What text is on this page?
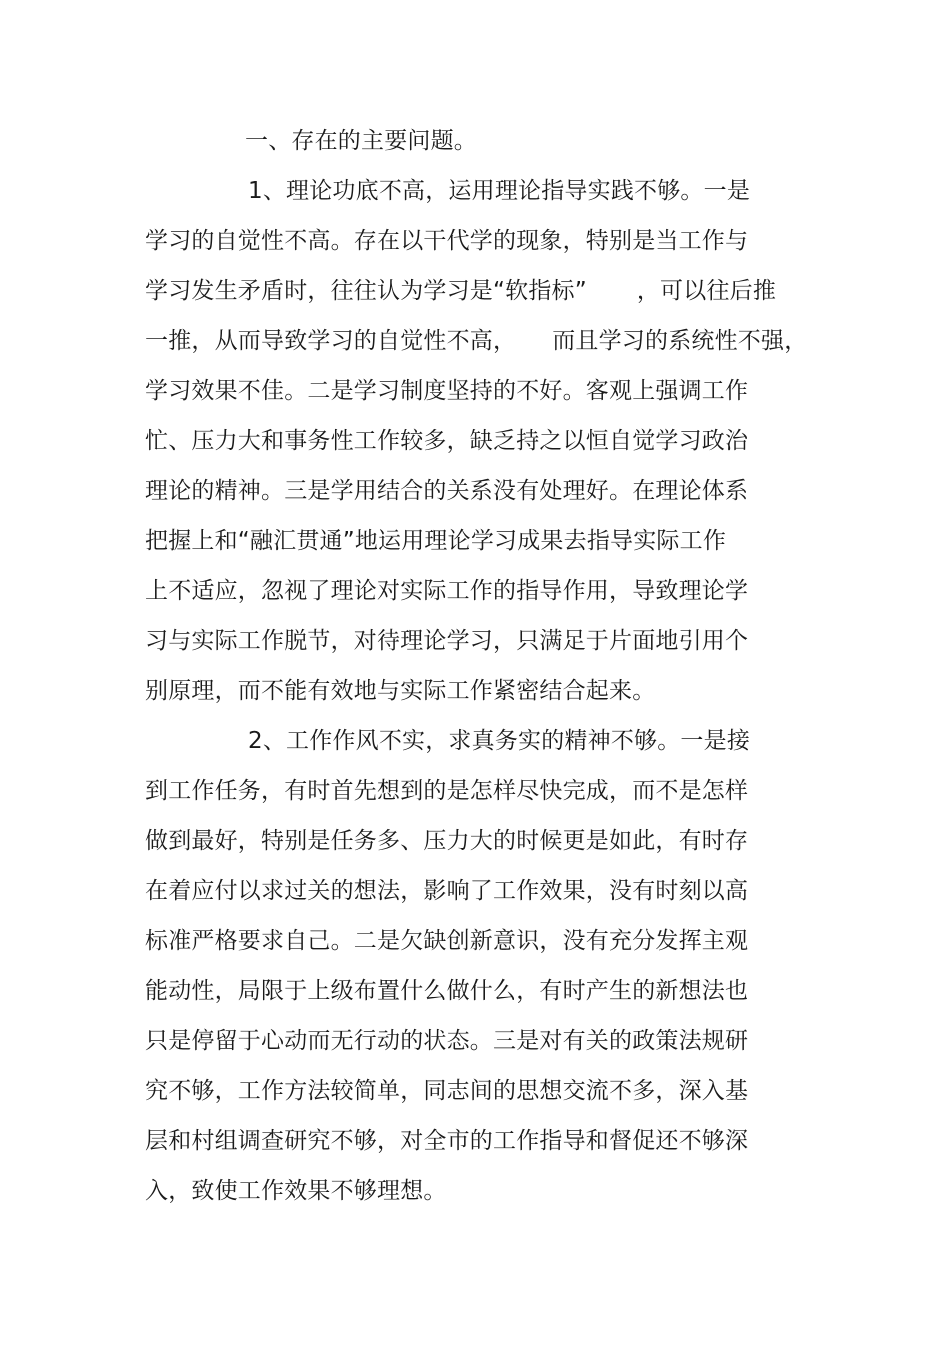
一、存在的主要问题。
1、理论功底不高，运用理论指导实践不够。一是
学习的自觉性不高。存在以干代学的现象，特别是当工作与
学习发生矛盾时，往往认为学习是“软指标” ，可以往后推
一推，从而导致学习的自觉性不高， 而且学习的系统性不强，
学习效果不佳。二是学习制度坚持的不好。客观上强调工作
忙、压力大和事务性工作较多，缺乏持之以恒自觉学习政治
理论的精神。三是学用结合的关系没有处理好。在理论体系
把握上和“融汇贯通”地运用理论学习成果去指导实际工作
上不适应，忽视了理论对实际工作的指导作用，导致理论学
习与实际工作脱节，对待理论学习，只满足于片面地引用个
别原理，而不能有效地与实际工作紧密结合起来。
2、工作作风不实，求真务实的精神不够。一是接
到工作任务，有时首先想到的是怎样尽快完成，而不是怎样
做到最好，特别是任务多、压力大的时候更是如此，有时存
在着应付以求过关的想法，影响了工作效果，没有时刻以高
标准严格要求自己。二是欠缺创新意识，没有充分发挥主观
能动性，局限于上级布置什么做什么，有时产生的新想法也
只是停留于心动而无行动的状态。三是对有关的政策法规研
究不够，工作方法较简单，同志间的思想交流不多，深入基
层和村组调查研究不够，对全市的工作指导和督促还不够深
入，致使工作效果不够理想。
